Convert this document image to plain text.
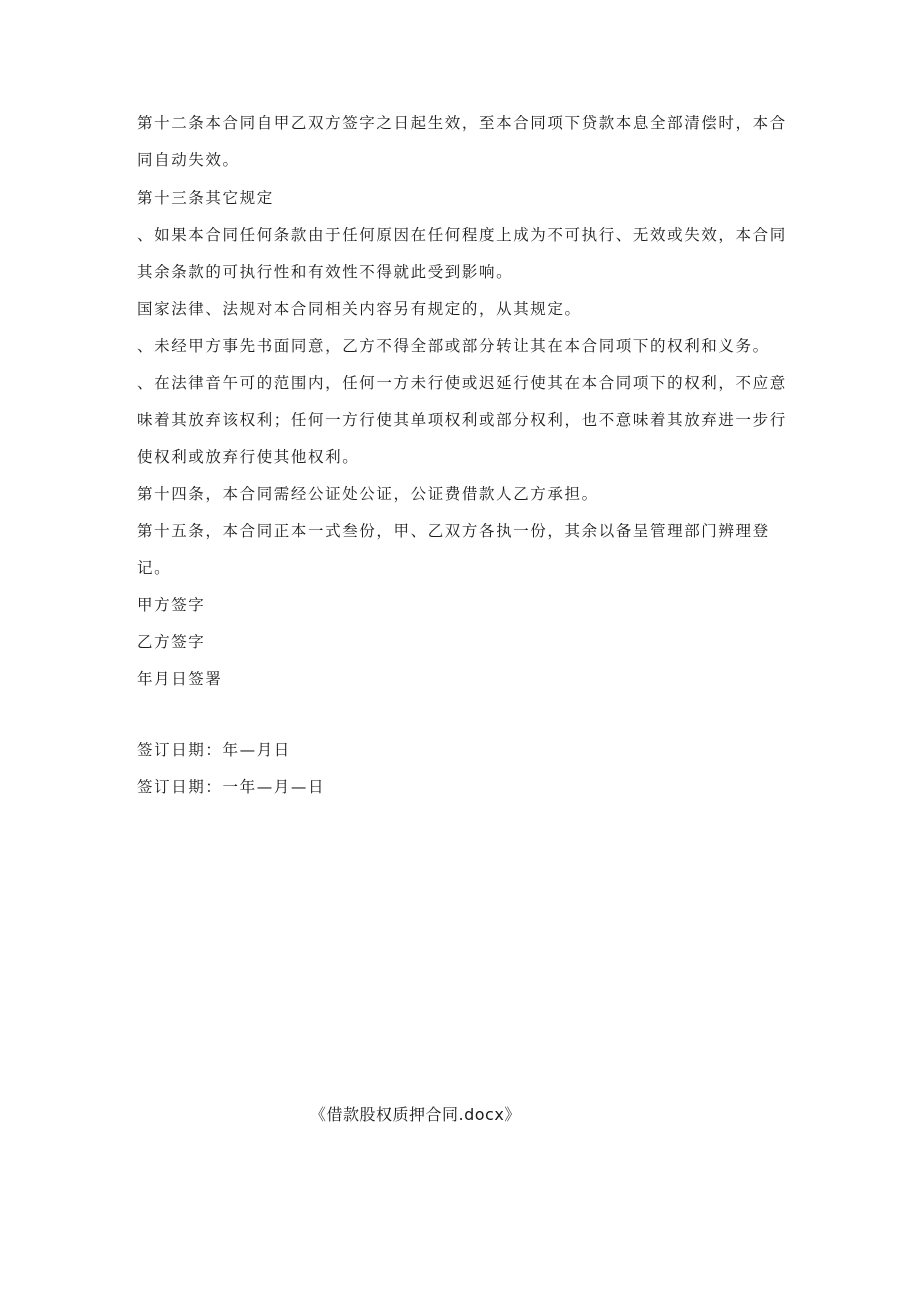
第十二条本合同自甲乙双方签字之日起生效，至本合同项下贷款本息全部清偿时，本合同自动失效。

第十三条其它规定

、如果本合同任何条款由于任何原因在任何程度上成为不可执行、无效或失效，本合同其余条款的可执行性和有效性不得就此受到影响。

国家法律、法规对本合同相关内容另有规定的，从其规定。

、未经甲方事先书面同意，乙方不得全部或部分转让其在本合同项下的权利和义务。

、在法律音午可的范围内，任何一方未行使或迟延行使其在本合同项下的权利，不应意味着其放弃该权利；任何一方行使其单项权利或部分权利，也不意味着其放弃进一步行使权利或放弃行使其他权利。

第十四条，本合同需经公证处公证，公证费借款人乙方承担。

第十五条，本合同正本一式叁份，甲、乙双方各执一份，其余以备呈管理部门辨理登记。

甲方签字

乙方签字

年月日签署

签订日期：年—月日

签订日期：一年—月—日

《借款股权质押合同.docx》
